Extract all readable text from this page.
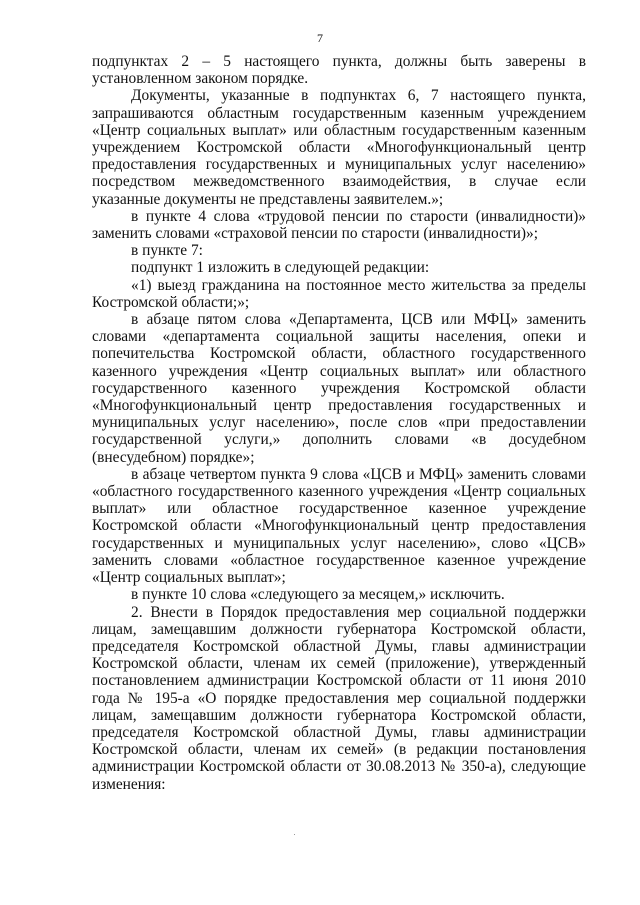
7

подпунктах 2 – 5 настоящего пункта, должны быть заверены в установленном законом порядке.

Документы, указанные в подпунктах 6, 7 настоящего пункта, запрашиваются областным государственным казенным учреждением «Центр социальных выплат» или областным государственным казенным учреждением Костромской области «Многофункциональный центр предоставления государственных и муниципальных услуг населению» посредством межведомственного взаимодействия, в случае если указанные документы не представлены заявителем.»;

в пункте 4 слова «трудовой пенсии по старости (инвалидности)» заменить словами «страховой пенсии по старости (инвалидности)»;

в пункте 7:

подпункт 1 изложить в следующей редакции:

«1) выезд гражданина на постоянное место жительства за пределы Костромской области;»;

в абзаце пятом слова «Департамента, ЦСВ или МФЦ» заменить словами «департамента социальной защиты населения, опеки и попечительства Костромской области, областного государственного казенного учреждения «Центр социальных выплат» или областного государственного казенного учреждения Костромской области «Многофункциональный центр предоставления государственных и муниципальных услуг населению», после слов «при предоставлении государственной услуги,» дополнить словами «в досудебном (внесудебном) порядке»;

в абзаце четвертом пункта 9 слова «ЦСВ и МФЦ» заменить словами «областного государственного казенного учреждения «Центр социальных выплат» или областное государственное казенное учреждение Костромской области «Многофункциональный центр предоставления государственных и муниципальных услуг населению», слово «ЦСВ» заменить словами «областное государственное казенное учреждение «Центр социальных выплат»;

в пункте 10 слова «следующего за месяцем,» исключить.

2. Внести в Порядок предоставления мер социальной поддержки лицам, замещавшим должности губернатора Костромской области, председателя Костромской областной Думы, главы администрации Костромской области, членам их семей (приложение), утвержденный постановлением администрации Костромской области от 11 июня 2010 года № 195-а «О порядке предоставления мер социальной поддержки лицам, замещавшим должности губернатора Костромской области, председателя Костромской областной Думы, главы администрации Костромской области, членам их семей» (в редакции постановления администрации Костромской области от 30.08.2013 № 350-а), следующие изменения:
